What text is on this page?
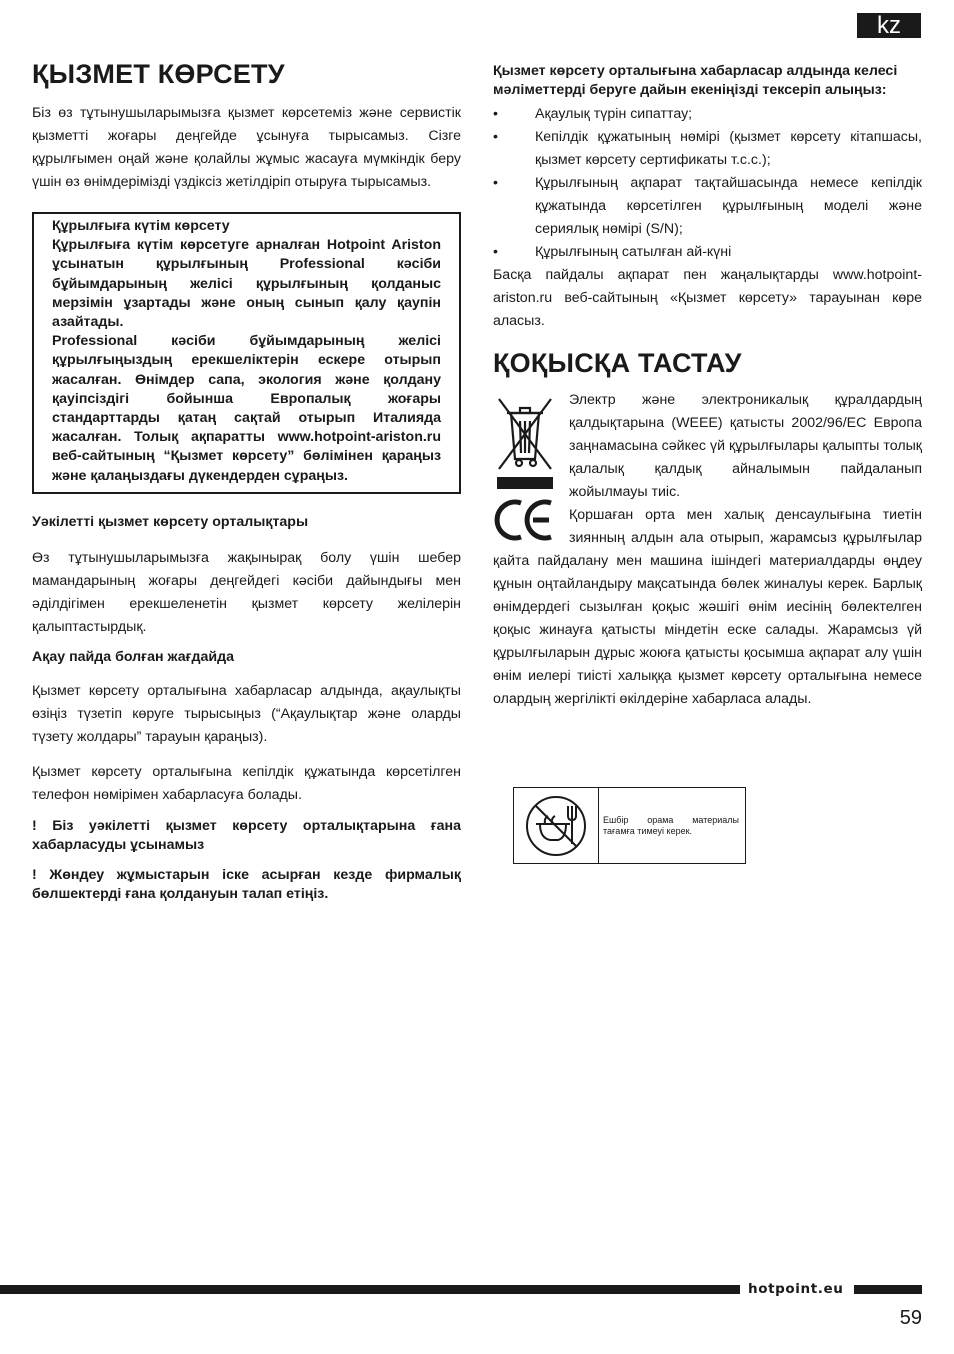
kz
ҚЫЗМЕТ КӨРСЕТУ

Біз өз тұтынушыларымызға қызмет көрсетеміз және сервистік қызметті жоғары деңгейде ұсынуға тырысамыз. Сізге құрылғымен оңай және қолайлы жұмыс жасауға мүмкіндік беру үшін өз өнімдерімізді үздіксіз жетілдіріп отыруға тырысамыз.

Құрылғыға күтім көрсету

Құрылғыға күтім көрсетуге арналған Hotpoint Ariston ұсынатын құрылғының Professional кәсіби бұйымдарының желісі құрылғының қолданыс мерзімін ұзартады және оның сынып қалу қаупін азайтады.

Professional кәсіби бұйымдарының желісі құрылғыңыздың ерекшеліктерін ескере отырып жасалған. Өнімдер сапа, экология және қолдану қауіпсіздігі бойынша Европалық жоғары стандарттарды қатаң сақтай отырып Италияда жасалған. Толық ақпаратты www.hotpoint-ariston.ru веб-сайтының “Қызмет көрсету” бөлімінен қараңыз және қалаңыздағы дүкендерден сұраңыз.

Уәкілетті қызмет көрсету орталықтары

Өз тұтынушыларымызға жақынырақ болу үшін шебер мамандарының жоғары деңгейдегі кәсіби дайындығы мен әділдігімен ерекшеленетін қызмет көрсету желілерін қалыптастырдық.

Ақау пайда болған жағдайда

Қызмет көрсету орталығына хабарласар алдында, ақаулықты өзіңіз түзетіп көруге тырысыңыз (“Ақаулықтар және оларды түзету жолдары” тарауын қараңыз).

Қызмет көрсету орталығына кепілдік құжатында көрсетілген телефон нөмірімен хабарласуға болады.

! Біз уәкілетті қызмет көрсету орталықтарына ғана хабарласуды ұсынамыз

! Жөндеу жұмыстарын іске асырған кезде фирмалық бөлшектерді ғана қолдануын талап етіңіз.

Қызмет көрсету орталығына хабарласар алдында келесі мәліметтерді беруге дайын екеніңізді тексеріп алыңыз:

• Ақаулық түрін сипаттау;
• Кепілдік құжатының нөмірі (қызмет көрсету кітапшасы, қызмет көрсету сертификаты т.с.с.);
• Құрылғының ақпарат тақтайшасында немесе кепілдік құжатында көрсетілген құрылғының моделі және сериялық нөмірі (S/N);
• Құрылғының сатылған ай-күні

Басқа пайдалы ақпарат пен жаңалықтарды www.hotpoint-ariston.ru веб-сайтының «Қызмет көрсету» тарауынан көре аласыз.

ҚОҚЫСҚА ТАСТАУ

Электр және электроникалық құралдардың қалдықтарына (WEEE) қатысты 2002/96/EC Европа заңнамасына сәйкес үй құрылғылары қалыпты толық қалалық қалдық айналымын пайдаланып жойылмауы тиіс.

Қоршаған орта мен халық денсаулығына тиетін зиянның алдын ала отырып, жарамсыз құрылғылар қайта пайдалану мен машина ішіндегі материалдарды өңдеу құнын оңтайландыру мақсатында бөлек жиналуы керек. Барлық өнімдердегі сызылған қоқыс жәшігі өнім иесінің бөлектелген қоқыс жинауға қатысты міндетін еске салады. Жарамсыз үй құрылғыларын дұрыс жоюға қатысты қосымша ақпарат алу үшін өнім иелері тиісті халыққа қызмет көрсету орталығына немесе олардың жергілікті өкілдеріне хабарласа алады.

Ешбір орама материалы тағамға тимеуі керек.
hotpoint.eu
59
